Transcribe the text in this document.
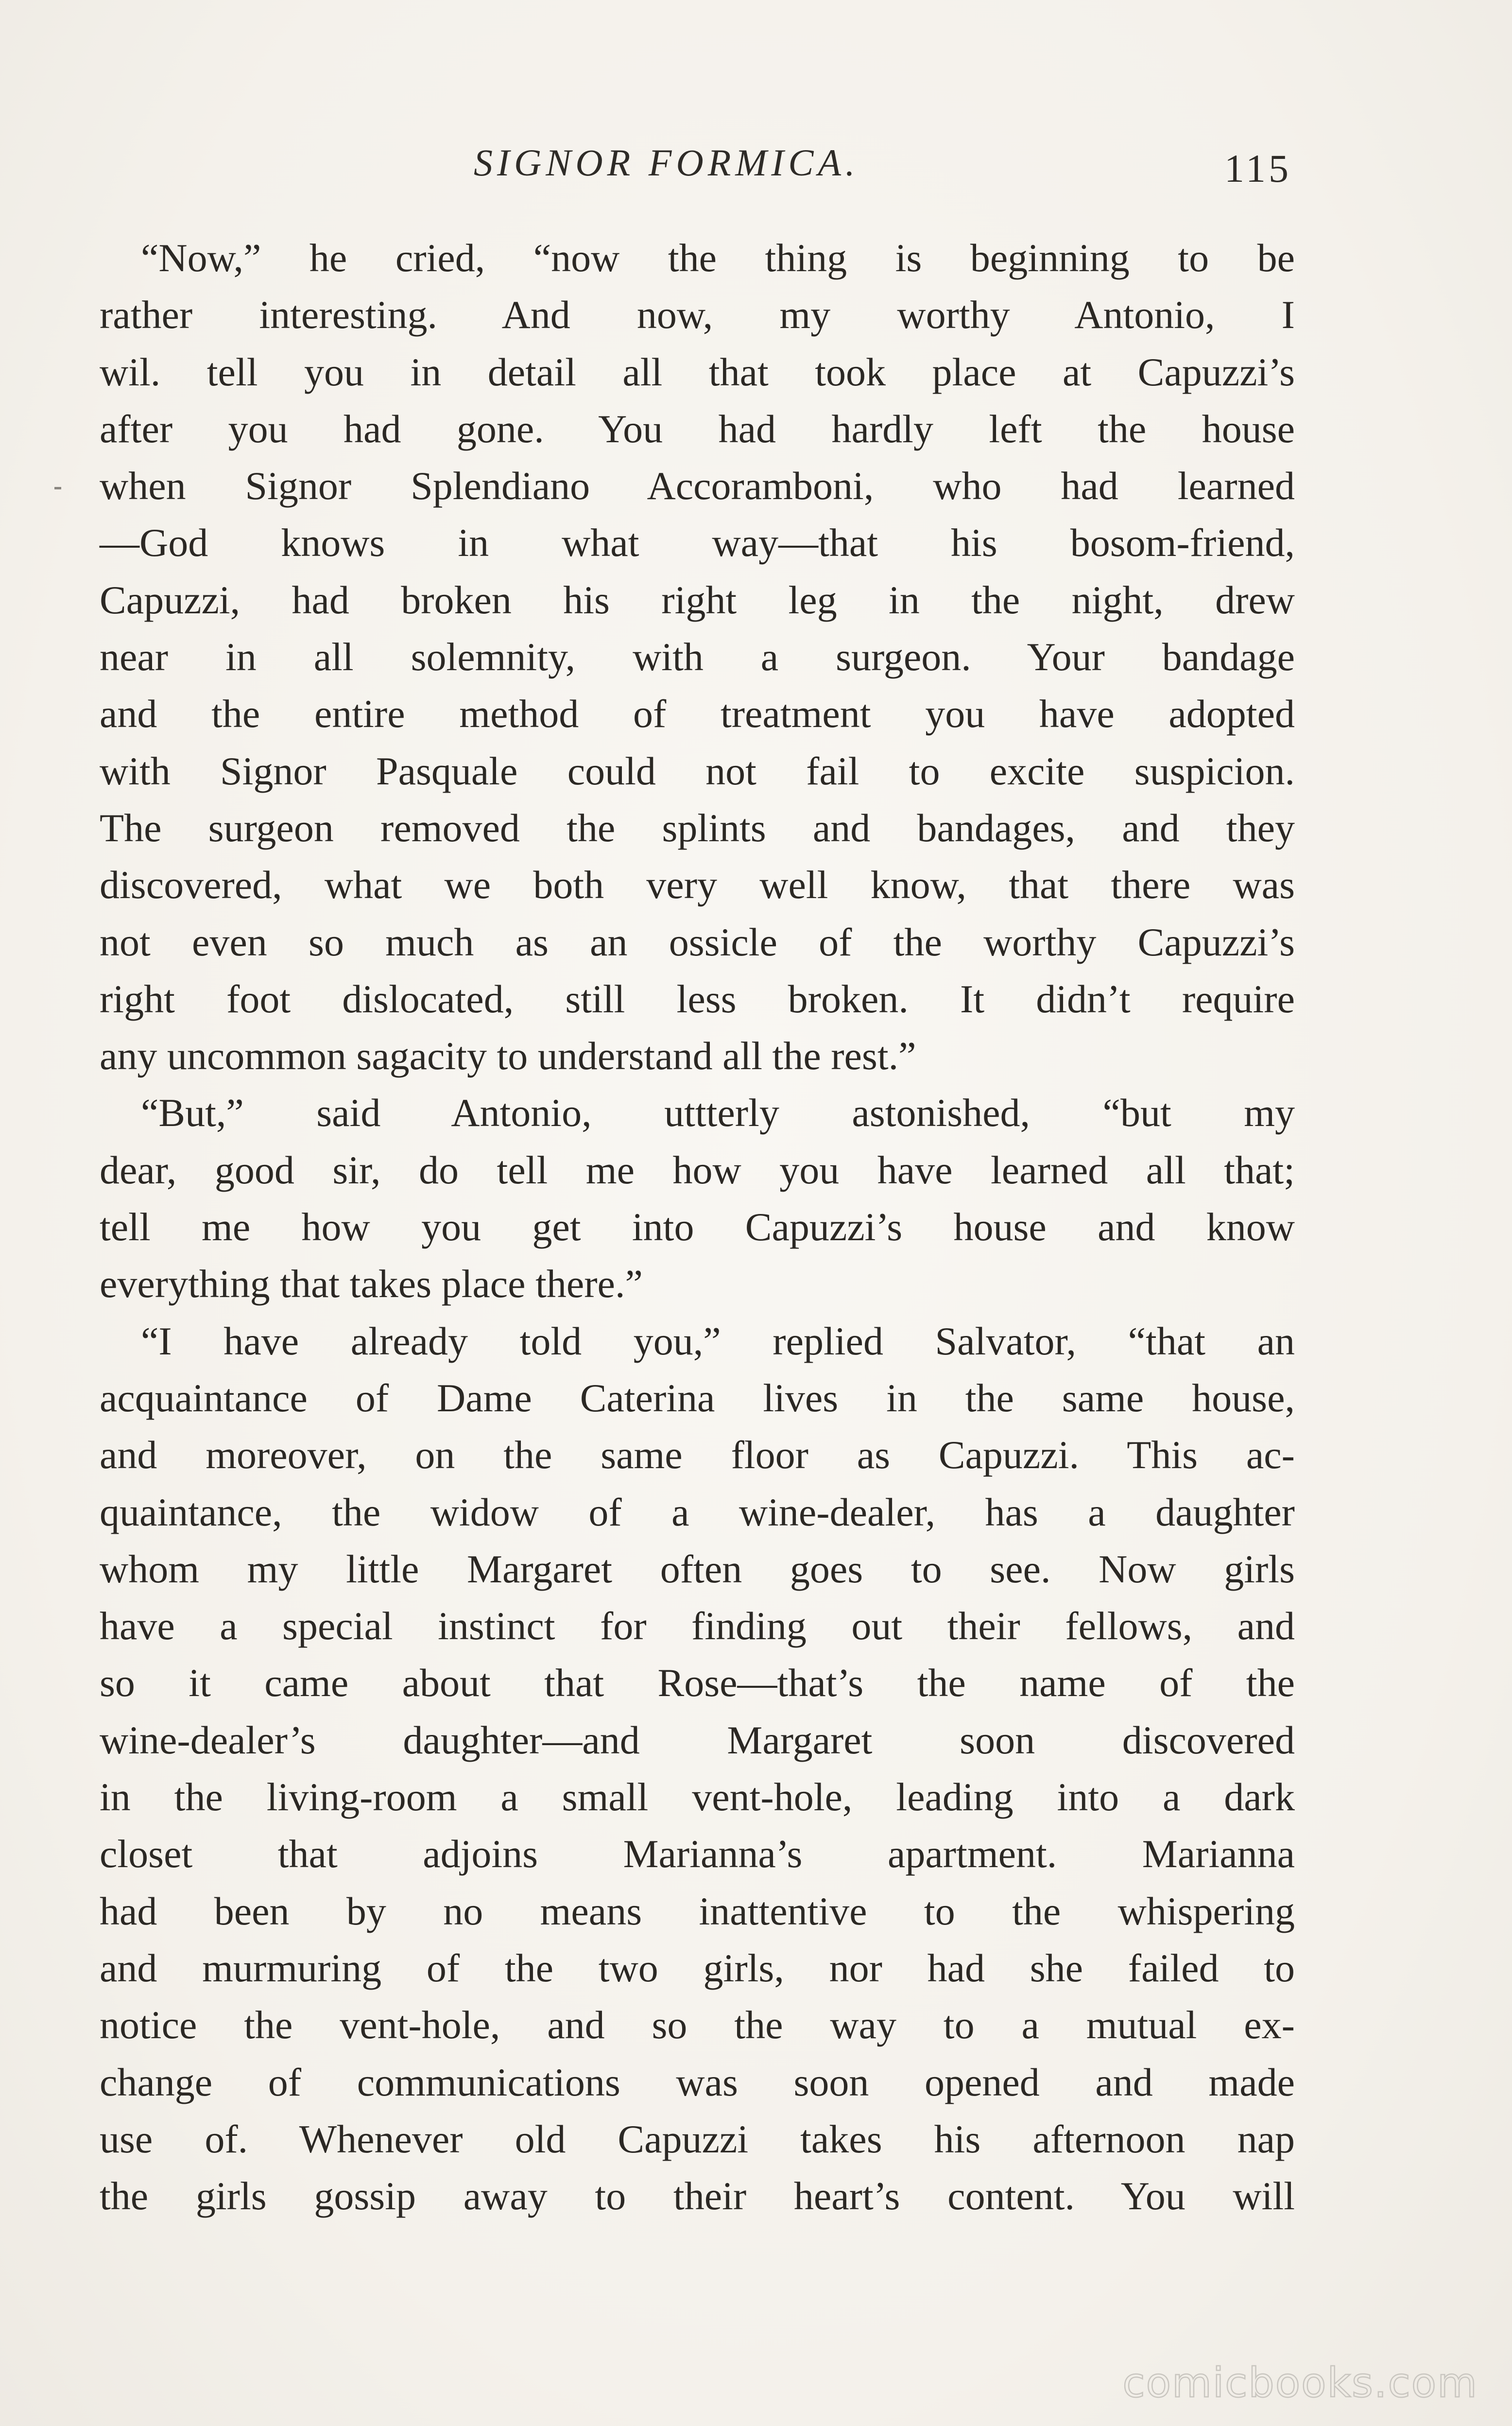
SIGNOR FORMICA.	115
“Now,” he cried, “now the thing is beginning to be
rather interesting. And now, my worthy Antonio, I
wil. tell you in detail all that took place at Capuzzi’s
after you had gone. You had hardly left the house
when Signor Splendiano Accoramboni, who had learned
—God knows in what way—that his bosom-friend,
Capuzzi, had broken his right leg in the night, drew
near in all solemnity, with a surgeon. Your bandage
and the entire method of treatment you have adopted
with Signor Pasquale could not fail to excite suspicion.
The surgeon removed the splints and bandages, and they
discovered, what we both very well know, that there was
not even so much as an ossicle of the worthy Capuzzi’s
right foot dislocated, still less broken. It didn’t require
any uncommon sagacity to understand all the rest.”
“But,” said Antonio, uttterly astonished, “but my
dear, good sir, do tell me how you have learned all that;
tell me how you get into Capuzzi’s house and know
everything that takes place there.”
“I have already told you,” replied Salvator, “that an
acquaintance of Dame Caterina lives in the same house,
and moreover, on the same floor as Capuzzi. This ac-
quaintance, the widow of a wine-dealer, has a daughter
whom my little Margaret often goes to see. Now girls
have a special instinct for finding out their fellows, and
so it came about that Rose—that’s the name of the
wine-dealer’s daughter—and Margaret soon discovered
in the living-room a small vent-hole, leading into a dark
closet that adjoins Marianna’s apartment. Marianna
had been by no means inattentive to the whispering
and murmuring of the two girls, nor had she failed to
notice the vent-hole, and so the way to a mutual ex-
change of communications was soon opened and made
use of. Whenever old Capuzzi takes his afternoon nap
the girls gossip away to their heart’s content. You will
comicbooks.com
